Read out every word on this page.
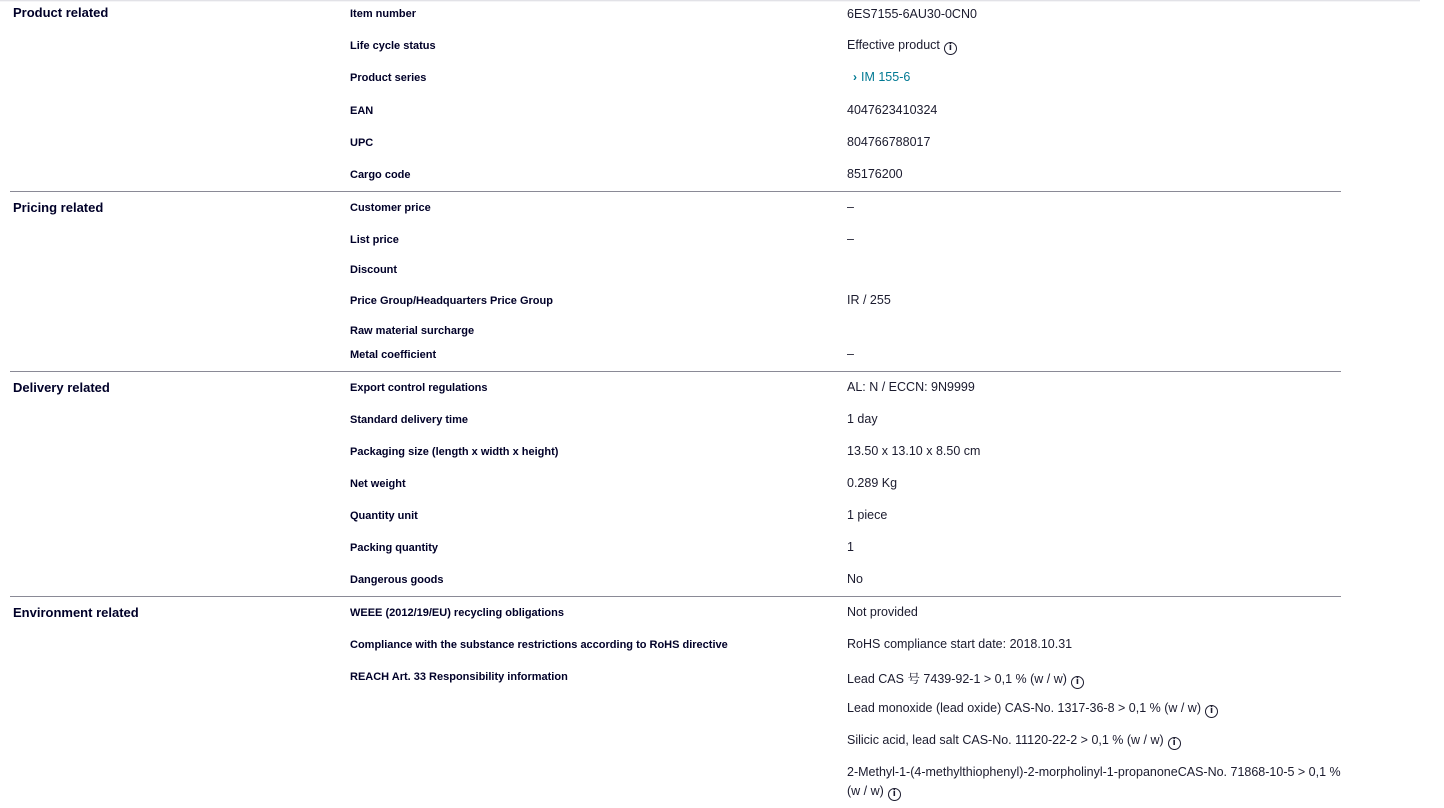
Product related	Item number	6ES7155-6AU30-0CN0
Life cycle status	Effective product i
Product series	› IM 155-6
EAN	4047623410324
UPC	804766788017
Cargo code	85176200
Pricing related	Customer price	–
List price	–
Discount
Price Group/Headquarters Price Group	IR / 255
Raw material surcharge
Metal coefficient	–
Delivery related	Export control regulations	AL: N / ECCN: 9N9999
Standard delivery time	1 day
Packaging size (length x width x height)	13.50 x 13.10 x 8.50 cm
Net weight	0.289 Kg
Quantity unit	1 piece
Packing quantity	1
Dangerous goods	No
Environment related	WEEE (2012/19/EU) recycling obligations	Not provided
Compliance with the substance restrictions according to RoHS directive	RoHS compliance start date: 2018.10.31
REACH Art. 33 Responsibility information	Lead CAS 号 7439-92-1 > 0,1 % (w / w) i
Lead monoxide (lead oxide) CAS-No. 1317-36-8 > 0,1 % (w / w) i
Silicic acid, lead salt CAS-No. 11120-22-2 > 0,1 % (w / w) i
2-Methyl-1-(4-methylthiophenyl)-2-morpholinyl-1-propanoneCAS-No. 71868-10-5 > 0,1 % (w / w) i
